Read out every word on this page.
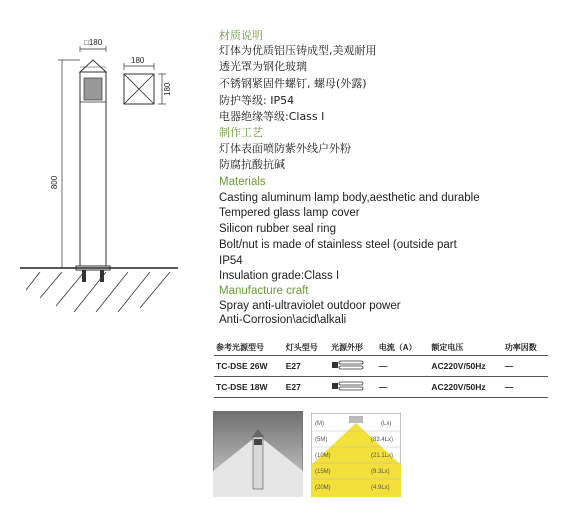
□180
180
180
800
材质说明
灯体为优质铝压铸成型,美观耐用
透光罩为钢化玻璃
不锈钢紧固件螺钉, 螺母(外露)
防护等级: IP54
电器绝缘等级:Class Ⅰ
制作工艺
灯体表面喷防紫外线户外粉
防腐抗酸抗碱
Materials
Casting aluminum lamp body,aesthetic and durable
Tempered glass lamp cover
Silicon rubber seal ring
Bolt/nut is made of stainless steel (outside part
IP54
Insulation grade:Class I
Manufacture craft
Spray anti-ultraviolet outdoor power
Anti-Corrosion\acid\alkali
参考光源型号	灯头型号	光源外形	电流（A）	额定电压	功率因数
TC-DSE 26W	E27		—	AC220V/50Hz	—
TC-DSE 18W	E27		—	AC220V/50Hz	—
(M)	(Lx)
(5M)	(83.4Lx)
(10M)	(21.1Lx)
(15M)	(9.3Lx)
(20M)	(4.9Lx)
